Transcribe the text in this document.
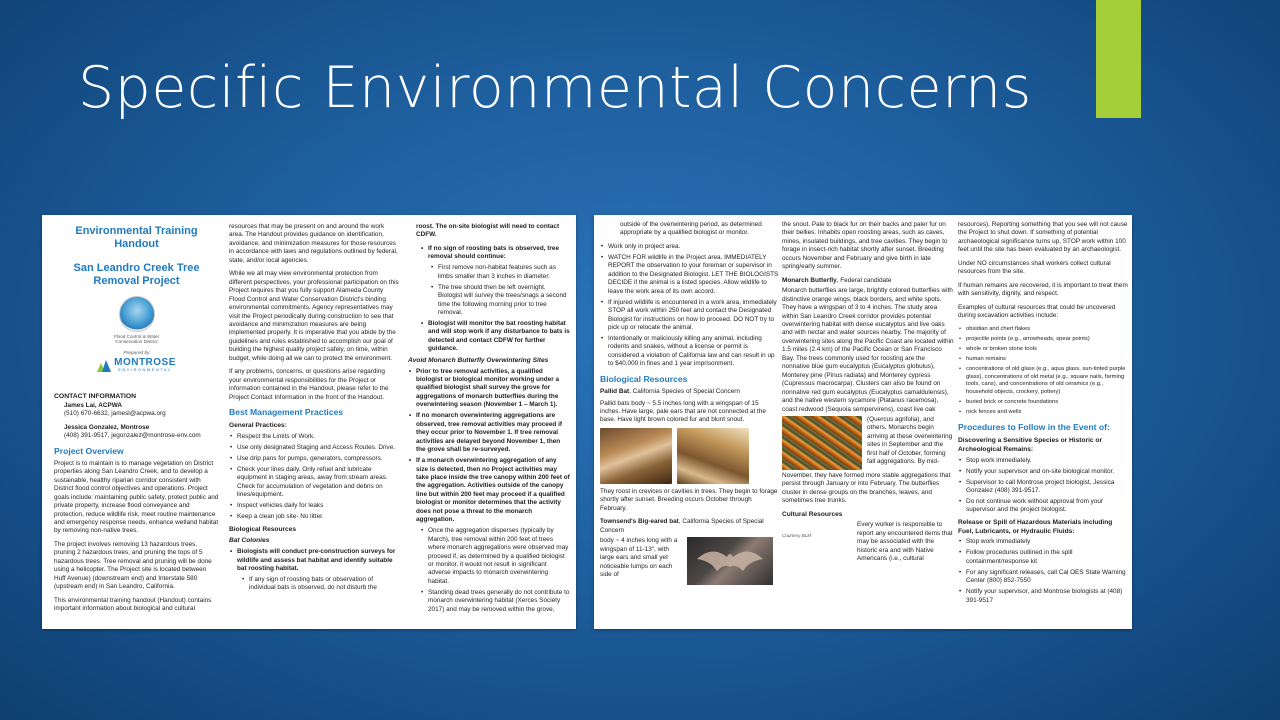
Specific Environmental Concerns
Environmental Training Handout
San Leandro Creek Tree Removal Project
Flood Control & Water Conservation District
Prepared by
MONTROSE
ENVIRONMENTAL
CONTACT INFORMATION
James Lai, ACPWA
(510) 670-6632, jamesl@acpwa.org
Jessica Gonzalez, Montrose
(408) 391-9517, jegonzalez@montrose-env.com
Project Overview

Project is to maintain is to manage vegetation on District properties along San Leandro Creek, and to develop a sustainable, healthy riparian corridor consistent with District flood control objectives and operations. Project goals include: maintaining public safety, protect public and private property, increase flood conveyance and protection, reduce wildlife risk, meet routine maintenance and emergency response needs, enhance wetland habitat by removing non-native trees.

The project involves removing 13 hazardous trees, pruning 2 hazardous trees, and pruning the tops of 5 hazardous trees. Tree removal and pruning will be done using a helicopter. The Project site is located between Huff Avenue) (downstream end) and Interstate 580 (upstream end) in San Leandro, California.

This environmental training handout (Handout) contains important information about biological and cultural

resources that may be present on and around the work area. The Handout provides guidance on identification, avoidance, and minimization measures for those resources in accordance with laws and regulations outlined by federal, state, and/or local agencies.

While we all may view environmental protection from different perspectives, your professional participation on this Project requires that you fully support Alameda County Flood Control and Water Conservation District's binding environmental commitments. Agency representatives may visit the Project periodically during construction to see that avoidance and minimization measures are being implemented properly. It is imperative that you abide by the guidelines and rules established to accomplish our goal of building the highest quality project safely, on time, within budget, while doing all we can to protect the environment.

If any problems, concerns, or questions arise regarding your environmental responsibilities for the Project or information contained in the Handout, please refer to the Project Contact Information in the front of the Handout.

Best Management Practices
General Practices:
• Respect the Limits of Work.
• Use only designated Staging and Access Routes. Drive.
• Use drip pans for pumps, generators, compressors.
• Check your lines daily. Only refuel and lubricate equipment in staging areas, away from stream areas. Check for accumulation of vegetation and debris on lines/equipment.
• Inspect vehicles daily for leaks
• Keep a clean job site- No litter.
Biological Resources
Bat Colonies
• Biologists will conduct pre-construction surveys for wildlife and assess bat habitat and identify suitable bat roosting habitat.
• If any sign of roosting bats or observation of individual bats is observed, do not disturb the

roost. The on-site biologist will need to contact CDFW.

• If no sign of roosting bats is observed, tree removal should continue:
• First remove non-habitat features such as limbs smaller than 3 inches in diameter.
• The tree should then be left overnight. Biologist will survey the trees/snags a second time the following morning prior to tree removal.
• Biologist will monitor the bat roosting habitat and will stop work if any disturbance to bats is detected and contact CDFW for further guidance.
Avoid Monarch Butterfly Overwintering Sites
• Prior to tree removal activities, a qualified biologist or biological monitor working under a qualified biologist shall survey the grove for aggregations of monarch butterflies during the overwintering season (November 1 – March 1).
• If no monarch overwintering aggregations are observed, tree removal activities may proceed if they occur prior to November 1. If tree removal activities are delayed beyond November 1, then the grove shall be re-surveyed.
• If a monarch overwintering aggregation of any size is detected, then no Project activities may take place inside the tree canopy within 200 feet of the aggregation. Activities outside of the canopy line but within 200 feet may proceed if a qualified biologist or monitor determines that the activity does not pose a threat to the monarch aggregation.
• Once the aggregation disperses (typically by March), tree removal within 200 feet of trees where monarch aggregations were observed may proceed if, as determined by a qualified biologist or monitor, it would not result in significant adverse impacts to monarch overwintering habitat.
• Standing dead trees generally do not contribute to monarch overwintering habitat (Xerces Society 2017) and may be removed within the grove,

outside of the overwintering period, as determined appropriate by a qualified biologist or monitor.

• Work only in project area.
• WATCH FOR wildlife in the Project area. IMMEDIATELY REPORT the observation to your foreman or supervisor in addition to the Designated Biologist. LET THE BIOLOGISTS DECIDE if the animal is a listed species. Allow wildlife to leave the work area of its own accord.
• If injured wildlife is encountered in a work area, immediately STOP all work within 250 feet and contact the Designated Biologist for instructions on how to proceed. DO NOT try to pick up or relocate the animal.
• Intentionally or maliciously killing any animal, including rodents and snakes, without a license or permit is considered a violation of California law and can result in up to $40,000 in fines and 1 year imprisonment.
Biological Resources
Pallid Bat, California Species of Special Concern

Pallid bats body ~ 5.5 inches long with a wingspan of 15 inches. Have large, pale ears that are not connected at the base. Have light brown colored fur and blunt snout.

They roost in crevices or cavities in trees. They begin to forage shortly after sunset. Breeding occurs October through February.

Townsend's Big-eared bat, California Species of Special Concern

body ~ 4 inches long with a wingspan of 11-13", with large ears and small yet noticeable lumps on each side of

the snout. Pale to black fur on their backs and paler fur on their bellies. Inhabits open roosting areas, such as caves, mines, insulated buildings, and tree cavities. They begin to forage in insect-rich habitat shortly after sunset. Breeding occurs November and February and give birth in late spring/early summer.

Monarch Butterfly, Federal candidate

Monarch butterflies are large, brightly colored butterflies with distinctive orange wings, black borders, and white spots. They have a wingspan of 3 to 4 inches. The study area within San Leandro Creek corridor provides potential overwintering habitat with dense eucalyptus and live oaks and with nectar and water sources nearby. The majority of overwintering sites along the Pacific Coast are located within 1.5 miles (2.4 km) of the Pacific Ocean or San Francisco Bay. The trees commonly used for roosting are the nonnative blue gum eucalyptus (Eucalyptus globulus), Monterey pine (Pinus radiata) and Monterey cypress (Cupressus macrocarpa). Clusters can also be found on nonnative red gum eucalyptus (Eucalyptus camaldulensis), and the native western sycamore (Platanus racemosa), coast redwood (Sequoia sempervirens), coast live oak

(Quercus agrifolia), and others. Monarchs begin arriving at these overwintering sites in September and the first half of October, forming fall aggregations. By mid-

November, they have formed more stable aggregations that persist through January or into February. The butterflies cluster in dense groups on the branches, leaves, and sometimes tree trunks.

Cultural Resources
Courtesy BLM

Every worker is responsible to report any encountered items that may be associated with the historic era and with Native Americans (i.e., cultural

resources). Reporting something that you see will not cause the Project to shut down. If something of potential archaeological significance turns up, STOP work within 100 feet until the site has been evaluated by an archaeologist.

Under NO circumstances shall workers collect cultural resources from the site.

If human remains are recovered, it is important to treat them with sensitivity, dignity, and respect.

Examples of cultural resources that could be uncovered during excavation activities include:

• obsidian and chert flakes
• projectile points (e.g., arrowheads, spear points)
• whole or broken stone tools
• human remains
• concentrations of old glass (e.g., aqua glass, sun-tinted purple glass), concentrations of old metal (e.g., square nails, farming tools, cans), and concentrations of old ceramics (e.g., household objects, crockery, pottery)
• buried brick or concrete foundations
• rock fences and wells
Procedures to Follow in the Event of:
Discovering a Sensitive Species or Historic or Archeological Remains:
• Stop work immediately.
• Notify your supervisor and on-site biological monitor.
• Supervisor to call Montrose project biologist, Jessica Gonzalez (408) 391-9517.
• Do not continue work without approval from your supervisor and the project biologist.
Release or Spill of Hazardous Materials including Fuel, Lubricants, or Hydraulic Fluids:
• Stop work immediately
• Follow procedures outlined in the spill containment/response kit
• For any significant releases, call Cal OES State Warning Center (800) 852-7550
• Notify your supervisor, and Montrose biologists at (408) 391-9517
